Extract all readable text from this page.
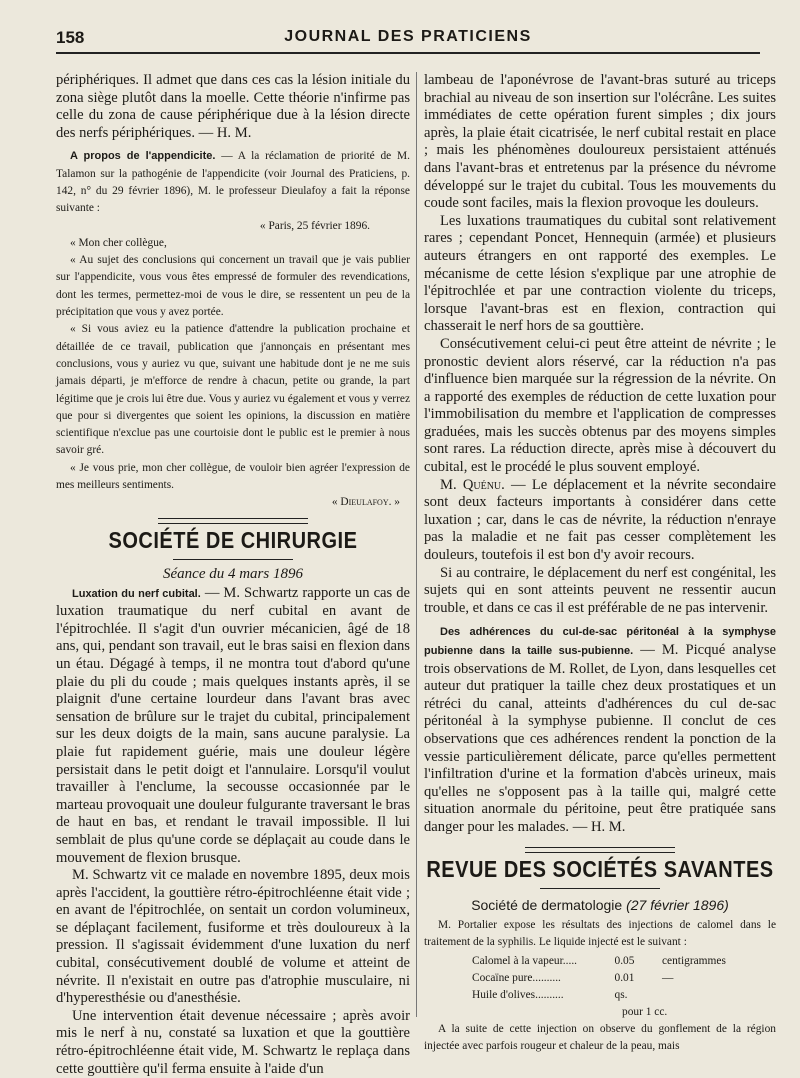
158	JOURNAL DES PRATICIENS

périphériques. Il admet que dans ces cas la lésion initiale du zona siège plutôt dans la moelle. Cette théorie n'infirme pas celle du zona de cause périphérique due à la lésion directe des nerfs périphériques. — H. M.

A propos de l'appendicite. — A la réclamation de priorité de M. Talamon sur la pathogénie de l'appendicite (voir Journal des Praticiens, p. 142, n° du 29 février 1896), M. le professeur Dieulafoy a fait la réponse suivante :

« Paris, 25 février 1896.

« Mon cher collègue,

« Au sujet des conclusions qui concernent un travail que je vais publier sur l'appendicite, vous vous êtes empressé de formuler des revendications, dont les termes, permettez-moi de vous le dire, se ressentent un peu de la précipitation que vous y avez portée.

« Si vous aviez eu la patience d'attendre la publication prochaine et détaillée de ce travail, publication que j'annonçais en présentant mes conclusions, vous y auriez vu que, suivant une habitude dont je ne me suis jamais départi, je m'efforce de rendre à chacun, petite ou grande, la part légitime que je crois lui être due. Vous y auriez vu également et vous y verrez que pour si divergentes que soient les opinions, la discussion en matière scientifique n'exclue pas une courtoisie dont le public est le premier à nous savoir gré.

« Je vous prie, mon cher collègue, de vouloir bien agréer l'expression de mes meilleurs sentiments.

« Dieulafoy. »

SOCIÉTÉ DE CHIRURGIE

Séance du 4 mars 1896

Luxation du nerf cubital. — M. Schwartz rapporte un cas de luxation traumatique du nerf cubital en avant de l'épitrochlée. Il s'agit d'un ouvrier mécanicien, âgé de 18 ans, qui, pendant son travail, eut le bras saisi en flexion dans un étau. Dégagé à temps, il ne montra tout d'abord qu'une plaie du pli du coude ; mais quelques instants après, il se plaignit d'une certaine lourdeur dans l'avant bras avec sensation de brûlure sur le trajet du cubital, principalement sur les deux doigts de la main, sans aucune paralysie. La plaie fut rapidement guérie, mais une douleur légère persistait dans le petit doigt et l'annulaire. Lorsqu'il voulut travailler à l'enclume, la secousse occasionnée par le marteau provoquait une douleur fulgurante traversant le bras de haut en bas, et rendant le travail impossible. Il lui semblait de plus qu'une corde se déplaçait au coude dans le mouvement de flexion brusque.

M. Schwartz vit ce malade en novembre 1895, deux mois après l'accident, la gouttière rétro-épitrochléenne était vide ; en avant de l'épitrochlée, on sentait un cordon volumineux, se déplaçant facilement, fusiforme et très douloureux à la pression. Il s'agissait évidemment d'une luxation du nerf cubital, consécutivement doublé de volume et atteint de névrite. Il n'existait en outre pas d'atrophie musculaire, ni d'hyperesthésie ou d'anesthésie.

Une intervention était devenue nécessaire ; après avoir mis le nerf à nu, constaté sa luxation et que la gouttière rétro-épitrochléenne était vide, M. Schwartz le replaça dans cette gouttière qu'il ferma ensuite à l'aide d'un

lambeau de l'aponévrose de l'avant-bras suturé au triceps brachial au niveau de son insertion sur l'olécrâne. Les suites immédiates de cette opération furent simples ; dix jours après, la plaie était cicatrisée, le nerf cubital restait en place ; mais les phénomènes douloureux persistaient atténués dans l'avant-bras et entretenus par la présence du névrome développé sur le trajet du cubital. Tous les mouvements du coude sont faciles, mais la flexion provoque les douleurs.

Les luxations traumatiques du cubital sont relativement rares ; cependant Poncet, Hennequin (armée) et plusieurs auteurs étrangers en ont rapporté des exemples. Le mécanisme de cette lésion s'explique par une atrophie de l'épitrochlée et par une contraction violente du triceps, lorsque l'avant-bras est en flexion, contraction qui chasserait le nerf hors de sa gouttière.

Consécutivement celui-ci peut être atteint de névrite ; le pronostic devient alors réservé, car la réduction n'a pas d'influence bien marquée sur la régression de la névrite. On a rapporté des exemples de réduction de cette luxation pour l'immobilisation du membre et l'application de compresses graduées, mais les succès obtenus par des moyens simples sont rares. La réduction directe, après mise à découvert du cubital, est le procédé le plus souvent employé.

M. Quénu. — Le déplacement et la névrite secondaire sont deux facteurs importants à considérer dans cette luxation ; car, dans le cas de névrite, la réduction n'enraye pas la maladie et ne fait pas cesser complètement les douleurs, toutefois il est bon d'y avoir recours.

Si au contraire, le déplacement du nerf est congénital, les sujets qui en sont atteints peuvent ne ressentir aucun trouble, et dans ce cas il est préférable de ne pas intervenir.

Des adhérences du cul-de-sac péritonéal à la symphyse pubienne dans la taille sus-pubienne. — M. Picqué analyse trois observations de M. Rollet, de Lyon, dans lesquelles cet auteur dut pratiquer la taille chez deux prostatiques et un rétréci du canal, atteints d'adhérences du cul de-sac péritonéal à la symphyse pubienne. Il conclut de ces observations que ces adhérences rendent la ponction de la vessie particulièrement délicate, parce qu'elles permettent l'infiltration d'urine et la formation d'abcès urineux, mais qu'elles ne s'opposent pas à la taille qui, malgré cette situation anormale du péritoine, peut être pratiquée sans danger pour les malades. — H. M.

REVUE DES SOCIÉTÉS SAVANTES

Société de dermatologie (27 février 1896)

M. Portalier expose les résultats des injections de calomel dans le traitement de la syphilis. Le liquide injecté est le suivant :

Calomel à la vapeur.....	0.05	centigrammes
Cocaïne pure..........	0.01	—
Huile d'olives..........	qs.
pour 1 cc.

A la suite de cette injection on observe du gonflement de la région injectée avec parfois rougeur et chaleur de la peau, mais
